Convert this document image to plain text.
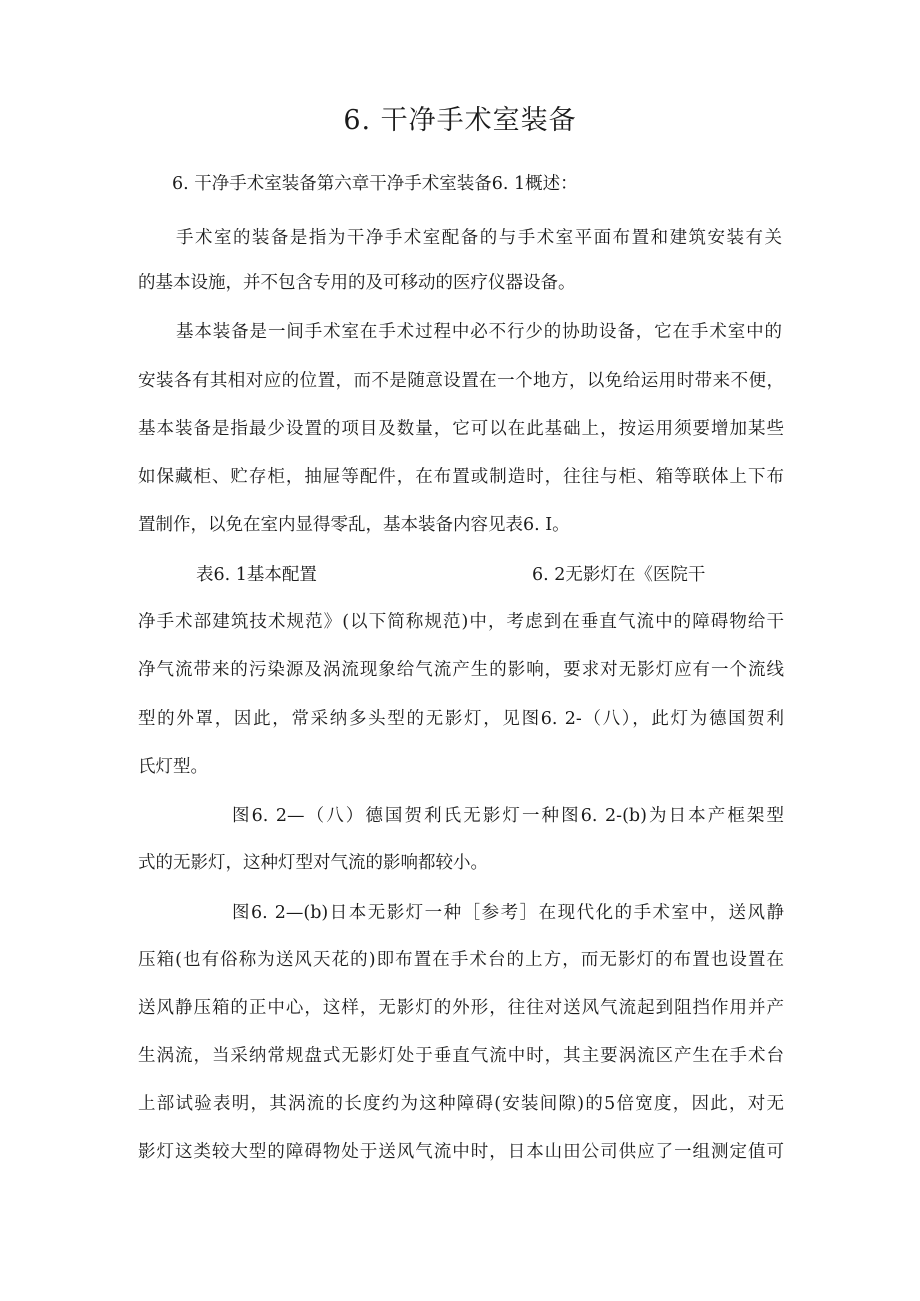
6. 干净手术室装备

6. 干净手术室装备第六章干净手术室装备6. 1概述：

手术室的装备是指为干净手术室配备的与手术室平面布置和建筑安装有关

的基本设施，并不包含专用的及可移动的医疗仪器设备。

基本装备是一间手术室在手术过程中必不行少的协助设备，它在手术室中的

安装各有其相对应的位置，而不是随意设置在一个地方，以免给运用时带来不便，

基本装备是指最少设置的项目及数量，它可以在此基础上，按运用须要增加某些

如保藏柜、贮存柜，抽屉等配件，在布置或制造时，往往与柜、箱等联体上下布

置制作，以免在室内显得零乱，基本装备内容见表6. I。

表6. 1基本配置	6. 2无影灯在《医院干

净手术部建筑技术规范》(以下简称规范)中，考虑到在垂直气流中的障碍物给干

净气流带来的污染源及涡流现象给气流产生的影响，要求对无影灯应有一个流线

型的外罩，因此，常采纳多头型的无影灯，见图6. 2-（八），此灯为德国贺利

氏灯型。

图6. 2—（八）德国贺利氏无影灯一种图6. 2-(b)为日本产框架型

式的无影灯，这种灯型对气流的影响都较小。

图6. 2—(b)日本无影灯一种［参考］在现代化的手术室中，送风静

压箱(也有俗称为送风天花的)即布置在手术台的上方，而无影灯的布置也设置在

送风静压箱的正中心，这样，无影灯的外形，往往对送风气流起到阻挡作用并产

生涡流，当采纳常规盘式无影灯处于垂直气流中时，其主要涡流区产生在手术台

上部试验表明，其涡流的长度约为这种障碍(安装间隙)的5倍宽度，因此，对无

影灯这类较大型的障碍物处于送风气流中时，日本山田公司供应了一组测定值可
